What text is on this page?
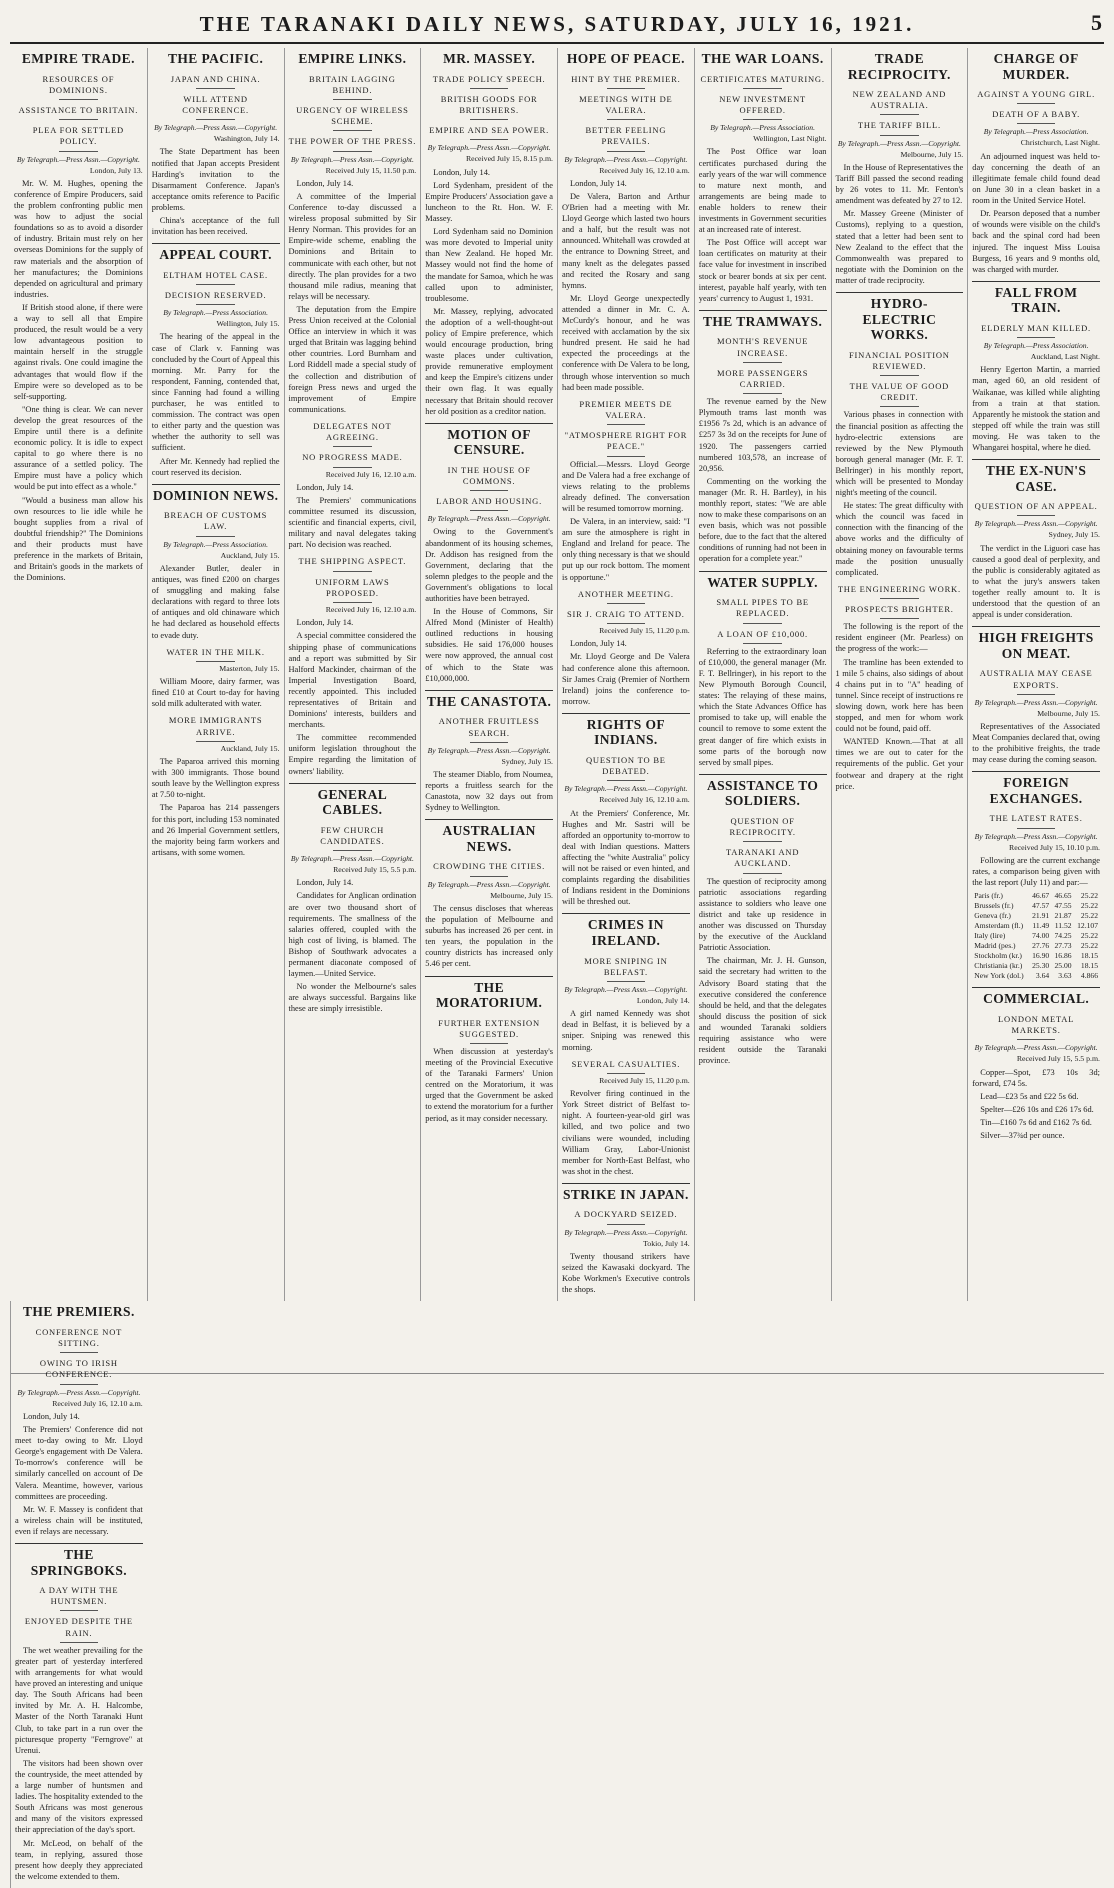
THE TARANAKI DAILY NEWS, SATURDAY, JULY 16, 1921.	5
EMPIRE TRADE.
RESOURCES OF DOMINIONS.
ASSISTANCE TO BRITAIN.
PLEA FOR SETTLED POLICY.
By Telegraph.—Press Assn.—Copyright.
London, July 13.
Mr. W. M. Hughes, opening the conference of Empire Producers, said the problem confronting public men was how to adjust the social foundations so as to avoid a disorder of industry. Britain must rely on her overseas Dominions for the supply of raw materials and the absorption of her manufactures; the Dominions depended on agricultural and primary industries.
If British stood alone, if there were a way to sell all that Empire produced, the result would be a very low advantageous position to maintain herself in the struggle against rivals. One could imagine the advantages that would flow if the Empire were so developed as to be self-supporting.
"One thing is clear. We can never develop the great resources of the Empire until there is a definite economic policy. It is idle to expect capital to go where there is no assurance of a settled policy. The Empire must have a policy which would be put into effect as a whole."
"Would a business man allow his own resources to lie idle while he bought supplies from a rival of doubtful friendship?" The Dominions and their products must have preference in the markets of Britain, and Britain's goods in the markets of the Dominions.
THE PACIFIC.
JAPAN AND CHINA.
WILL ATTEND CONFERENCE.
By Telegraph.—Press Assn.—Copyright.
Washington, July 14.
The State Department has been notified that Japan accepts President Harding's invitation to the Disarmament Conference. Japan's acceptance omits reference to Pacific problems.
China's acceptance of the full invitation has been received.
APPEAL COURT.
ELTHAM HOTEL CASE.
DECISION RESERVED.
By Telegraph.—Press Association.
Wellington, July 15.
The hearing of the appeal in the case of Clark v. Fanning was concluded by the Court of Appeal this morning. Mr. Parry for the respondent, Fanning, contended that, since Fanning had found a willing purchaser, he was entitled to commission. The contract was open to either party and the question was whether the authority to sell was sufficient.
After Mr. Kennedy had replied the court reserved its decision.
DOMINION NEWS.
BREACH OF CUSTOMS LAW.
By Telegraph.—Press Association.
Auckland, July 15.
Alexander Butler, dealer in antiques, was fined £200 on charges of smuggling and making false declarations with regard to three lots of antiques and old chinaware which he had declared as household effects to evade duty.
WATER IN THE MILK.
Masterton, July 15.
William Moore, dairy farmer, was fined £10 at Court to-day for having sold milk adulterated with water.
MORE IMMIGRANTS ARRIVE.
Auckland, July 15.
The Paparoa arrived this morning with 300 immigrants. Those bound south leave by the Wellington express at 7.50 to-night.
The Paparoa has 214 passengers for this port, including 153 nominated and 26 Imperial Government settlers, the majority being farm workers and artisans, with some women.
EMPIRE LINKS.
BRITAIN LAGGING BEHIND.
URGENCY OF WIRELESS SCHEME.
THE POWER OF THE PRESS.
By Telegraph.—Press Assn.—Copyright.
Received July 15, 11.50 p.m.
London, July 14.
A committee of the Imperial Conference to-day discussed a wireless proposal submitted by Sir Henry Norman. This provides for an Empire-wide scheme, enabling the Dominions and Britain to communicate with each other, but not directly. The plan provides for a two thousand mile radius, meaning that relays will be necessary.
The deputation from the Empire Press Union received at the Colonial Office an interview in which it was urged that Britain was lagging behind other countries. Lord Burnham and Lord Riddell made a special study of the collection and distribution of foreign Press news and urged the improvement of Empire communications.
DELEGATES NOT AGREEING.
NO PROGRESS MADE.
Received July 16, 12.10 a.m.
London, July 14.
The Premiers' communications committee resumed its discussion, scientific and financial experts, civil, military and naval delegates taking part. No decision was reached.
THE SHIPPING ASPECT.
UNIFORM LAWS PROPOSED.
Received July 16, 12.10 a.m.
London, July 14.
A special committee considered the shipping phase of communications and a report was submitted by Sir Halford Mackinder, chairman of the Imperial Investigation Board, recently appointed. This included representatives of Britain and Dominions' interests, builders and merchants.
The committee recommended uniform legislation throughout the Empire regarding the limitation of owners' liability.
GENERAL CABLES.
FEW CHURCH CANDIDATES.
By Telegraph.—Press Assn.—Copyright.
Received July 15, 5.5 p.m.
London, July 14.
Candidates for Anglican ordination are over two thousand short of requirements. The smallness of the salaries offered, coupled with the high cost of living, is blamed. The Bishop of Southwark advocates a permanent diaconate composed of laymen.—United Service.
No wonder the Melbourne's sales are always successful. Bargains like these are simply irresistible.
MR. MASSEY.
TRADE POLICY SPEECH.
BRITISH GOODS FOR BRITISHERS.
EMPIRE AND SEA POWER.
By Telegraph.—Press Assn.—Copyright.
Received July 15, 8.15 p.m.
London, July 14.
Lord Sydenham, president of the Empire Producers' Association gave a luncheon to the Rt. Hon. W. F. Massey.
Lord Sydenham said no Dominion was more devoted to Imperial unity than New Zealand. He hoped Mr. Massey would not find the home of the mandate for Samoa, which he was called upon to administer, troublesome.
Mr. Massey, replying, advocated the adoption of a well-thought-out policy of Empire preference, which would encourage production, bring waste places under cultivation, provide remunerative employment and keep the Empire's citizens under their own flag. It was equally necessary that Britain should recover her old position as a creditor nation.
MOTION OF CENSURE.
IN THE HOUSE OF COMMONS.
LABOR AND HOUSING.
By Telegraph.—Press Assn.—Copyright.
Owing to the Government's abandonment of its housing schemes, Dr. Addison has resigned from the Government, declaring that the solemn pledges to the people and the Government's obligations to local authorities have been betrayed.
In the House of Commons, Sir Alfred Mond (Minister of Health) outlined reductions in housing subsidies. He said 176,000 houses were now approved, the annual cost of which to the State was £10,000,000.
THE CANASTOTA.
ANOTHER FRUITLESS SEARCH.
By Telegraph.—Press Assn.—Copyright.
Sydney, July 15.
The steamer Diablo, from Noumea, reports a fruitless search for the Canastota, now 32 days out from Sydney to Wellington.
AUSTRALIAN NEWS.
CROWDING THE CITIES.
By Telegraph.—Press Assn.—Copyright.
Melbourne, July 15.
The census discloses that whereas the population of Melbourne and suburbs has increased 26 per cent. in ten years, the population in the country districts has increased only 5.46 per cent.
THE MORATORIUM.
FURTHER EXTENSION SUGGESTED.
When discussion at yesterday's meeting of the Provincial Executive of the Taranaki Farmers' Union centred on the Moratorium, it was urged that the Government be asked to extend the moratorium for a further period, as it may consider necessary.
HOPE OF PEACE.
HINT BY THE PREMIER.
MEETINGS WITH DE VALERA.
BETTER FEELING PREVAILS.
By Telegraph.—Press Assn.—Copyright.
Received July 16, 12.10 a.m.
London, July 14.
De Valera, Barton and Arthur O'Brien had a meeting with Mr. Lloyd George which lasted two hours and a half, but the result was not announced. Whitehall was crowded at the entrance to Downing Street, and many knelt as the delegates passed and recited the Rosary and sang hymns.
Mr. Lloyd George unexpectedly attended a dinner in Mr. C. A. McCurdy's honour, and he was received with acclamation by the six hundred present. He said he had expected the proceedings at the conference with De Valera to be long, through whose intervention so much had been made possible.
PREMIER MEETS DE VALERA.
"ATMOSPHERE RIGHT FOR PEACE."
Official.—Messrs. Lloyd George and De Valera had a free exchange of views relating to the problems already defined. The conversation will be resumed tomorrow morning.
De Valera, in an interview, said: "I am sure the atmosphere is right in England and Ireland for peace. The only thing necessary is that we should put up our rock bottom. The moment is opportune."
ANOTHER MEETING.
SIR J. CRAIG TO ATTEND.
Received July 15, 11.20 p.m.
London, July 14.
Mr. Lloyd George and De Valera had conference alone this afternoon. Sir James Craig (Premier of Northern Ireland) joins the conference to-morrow.
RIGHTS OF INDIANS.
QUESTION TO BE DEBATED.
By Telegraph.—Press Assn.—Copyright.
Received July 16, 12.10 a.m.
At the Premiers' Conference, Mr. Hughes and Mr. Sastri will be afforded an opportunity to-morrow to deal with Indian questions. Matters affecting the "white Australia" policy will not be raised or even hinted, and complaints regarding the disabilities of Indians resident in the Dominions will be threshed out.
CRIMES IN IRELAND.
MORE SNIPING IN BELFAST.
By Telegraph.—Press Assn.—Copyright.
London, July 14.
A girl named Kennedy was shot dead in Belfast, it is believed by a sniper. Sniping was renewed this morning.
SEVERAL CASUALTIES.
Received July 15, 11.20 p.m.
Revolver firing continued in the York Street district of Belfast to-night. A fourteen-year-old girl was killed, and two police and two civilians were wounded, including William Gray, Labor-Unionist member for North-East Belfast, who was shot in the chest.
STRIKE IN JAPAN.
A DOCKYARD SEIZED.
By Telegraph.—Press Assn.—Copyright.
Tokio, July 14.
Twenty thousand strikers have seized the Kawasaki dockyard. The Kobe Workmen's Executive controls the shops.
THE WAR LOANS.
CERTIFICATES MATURING.
NEW INVESTMENT OFFERED.
By Telegraph.—Press Association.
Wellington, Last Night.
The Post Office war loan certificates purchased during the early years of the war will commence to mature next month, and arrangements are being made to enable holders to renew their investments in Government securities at an increased rate of interest.
The Post Office will accept war loan certificates on maturity at their face value for investment in inscribed stock or bearer bonds at six per cent. interest, payable half yearly, with ten years' currency to August 1, 1931.
THE TRAMWAYS.
MONTH'S REVENUE INCREASE.
MORE PASSENGERS CARRIED.
The revenue earned by the New Plymouth trams last month was £1956 7s 2d, which is an advance of £257 3s 3d on the receipts for June of 1920. The passengers carried numbered 103,578, an increase of 20,956.
Commenting on the working the manager (Mr. R. H. Bartley), in his monthly report, states: "We are able now to make these comparisons on an even basis, which was not possible before, due to the fact that the altered conditions of running had not been in operation for a complete year."
WATER SUPPLY.
SMALL PIPES TO BE REPLACED.
A LOAN OF £10,000.
Referring to the extraordinary loan of £10,000, the general manager (Mr. F. T. Bellringer), in his report to the New Plymouth Borough Council, states: The relaying of these mains, which the State Advances Office has promised to take up, will enable the council to remove to some extent the great danger of fire which exists in some parts of the borough now served by small pipes.
ASSISTANCE TO SOLDIERS.
QUESTION OF RECIPROCITY.
TARANAKI AND AUCKLAND.
The question of reciprocity among patriotic associations regarding assistance to soldiers who leave one district and take up residence in another was discussed on Thursday by the executive of the Auckland Patriotic Association.
The chairman, Mr. J. H. Gunson, said the secretary had written to the Advisory Board stating that the executive considered the conference should be held, and that the delegates should discuss the position of sick and wounded Taranaki soldiers requiring assistance who were resident outside the Taranaki province.
TRADE RECIPROCITY.
NEW ZEALAND AND AUSTRALIA.
THE TARIFF BILL.
By Telegraph.—Press Assn.—Copyright.
Melbourne, July 15.
In the House of Representatives the Tariff Bill passed the second reading by 26 votes to 11. Mr. Fenton's amendment was defeated by 27 to 12.
Mr. Massey Greene (Minister of Customs), replying to a question, stated that a letter had been sent to New Zealand to the effect that the Commonwealth was prepared to negotiate with the Dominion on the matter of trade reciprocity.
HYDRO-ELECTRIC WORKS.
FINANCIAL POSITION REVIEWED.
THE VALUE OF GOOD CREDIT.
Various phases in connection with the financial position as affecting the hydro-electric extensions are reviewed by the New Plymouth borough general manager (Mr. F. T. Bellringer) in his monthly report, which will be presented to Monday night's meeting of the council.
He states: The great difficulty with which the council was faced in connection with the financing of the above works and the difficulty of obtaining money on favourable terms made the position unusually complicated.
THE ENGINEERING WORK.
PROSPECTS BRIGHTER.
The following is the report of the resident engineer (Mr. Pearless) on the progress of the work:—
The tramline has been extended to 1 mile 5 chains, also sidings of about 4 chains put in to "A" heading of tunnel. Since receipt of instructions re slowing down, work here has been stopped, and men for whom work could not be found, paid off.
WANTED Known.—That at all times we are out to cater for the requirements of the public. Get your footwear and drapery at the right price.
CHARGE OF MURDER.
AGAINST A YOUNG GIRL.
DEATH OF A BABY.
By Telegraph.—Press Association.
Christchurch, Last Night.
An adjourned inquest was held to-day concerning the death of an illegitimate female child found dead on June 30 in a clean basket in a room in the United Service Hotel.
Dr. Pearson deposed that a number of wounds were visible on the child's back and the spinal cord had been injured. The inquest Miss Louisa Burgess, 16 years and 9 months old, was charged with murder.
FALL FROM TRAIN.
ELDERLY MAN KILLED.
By Telegraph.—Press Association.
Auckland, Last Night.
Henry Egerton Martin, a married man, aged 60, an old resident of Waikanae, was killed while alighting from a train at that station. Apparently he mistook the station and stepped off while the train was still moving. He was taken to the Whangarei hospital, where he died.
THE EX-NUN'S CASE.
QUESTION OF AN APPEAL.
By Telegraph.—Press Assn.—Copyright.
Sydney, July 15.
The verdict in the Liguori case has caused a good deal of perplexity, and the public is considerably agitated as to what the jury's answers taken together really amount to. It is understood that the question of an appeal is under consideration.
HIGH FREIGHTS ON MEAT.
AUSTRALIA MAY CEASE EXPORTS.
By Telegraph.—Press Assn.—Copyright.
Melbourne, July 15.
Representatives of the Associated Meat Companies declared that, owing to the prohibitive freights, the trade may cease during the coming season.
FOREIGN EXCHANGES.
THE LATEST RATES.
By Telegraph.—Press Assn.—Copyright.
Received July 15, 10.10 p.m.
Following are the current exchange rates, a comparison being given with the last report (July 11) and par:—
Paris (fr.)	46.67	46.65	25.22
Brussels (fr.)	47.57	47.55	25.22
Geneva (fr.)	21.91	21.87	25.22
Amsterdam (fl.)	11.49	11.52	12.107
Italy (lire)	74.00	74.25	25.22
Madrid (pes.)	27.76	27.73	25.22
Stockholm (kr.)	16.90	16.86	18.15
Christiania (kr.)	25.30	25.00	18.15
New York (dol.)	3.64	3.63	4.866
COMMERCIAL.
LONDON METAL MARKETS.
By Telegraph.—Press Assn.—Copyright.
Received July 15, 5.5 p.m.
Copper—Spot, £73 10s 3d; forward, £74 5s.
Lead—£23 5s and £22 5s 6d.
Spelter—£26 10s and £26 17s 6d.
Tin—£160 7s 6d and £162 7s 6d.
Silver—37¾d per ounce.
THE PREMIERS.
CONFERENCE NOT SITTING.
OWING TO IRISH CONFERENCE.
By Telegraph.—Press Assn.—Copyright.
Received July 16, 12.10 a.m.
London, July 14.
The Premiers' Conference did not meet to-day owing to Mr. Lloyd George's engagement with De Valera. To-morrow's conference will be similarly cancelled on account of De Valera. Meantime, however, various committees are proceeding.
Mr. W. F. Massey is confident that a wireless chain will be instituted, even if relays are necessary.
THE SPRINGBOKS.
A DAY WITH THE HUNTSMEN.
ENJOYED DESPITE THE RAIN.
The wet weather prevailing for the greater part of yesterday interfered with arrangements for what would have proved an interesting and unique day. The South Africans had been invited by Mr. A. H. Halcombe, Master of the North Taranaki Hunt Club, to take part in a run over the picturesque property "Ferngrove" at Urenui.
The visitors had been shown over the countryside, the meet attended by a large number of huntsmen and ladies. The hospitality extended to the South Africans was most generous and many of the visitors expressed their appreciation of the day's sport.
Mr. McLeod, on behalf of the team, in replying, assured those present how deeply they appreciated the welcome extended to them.
